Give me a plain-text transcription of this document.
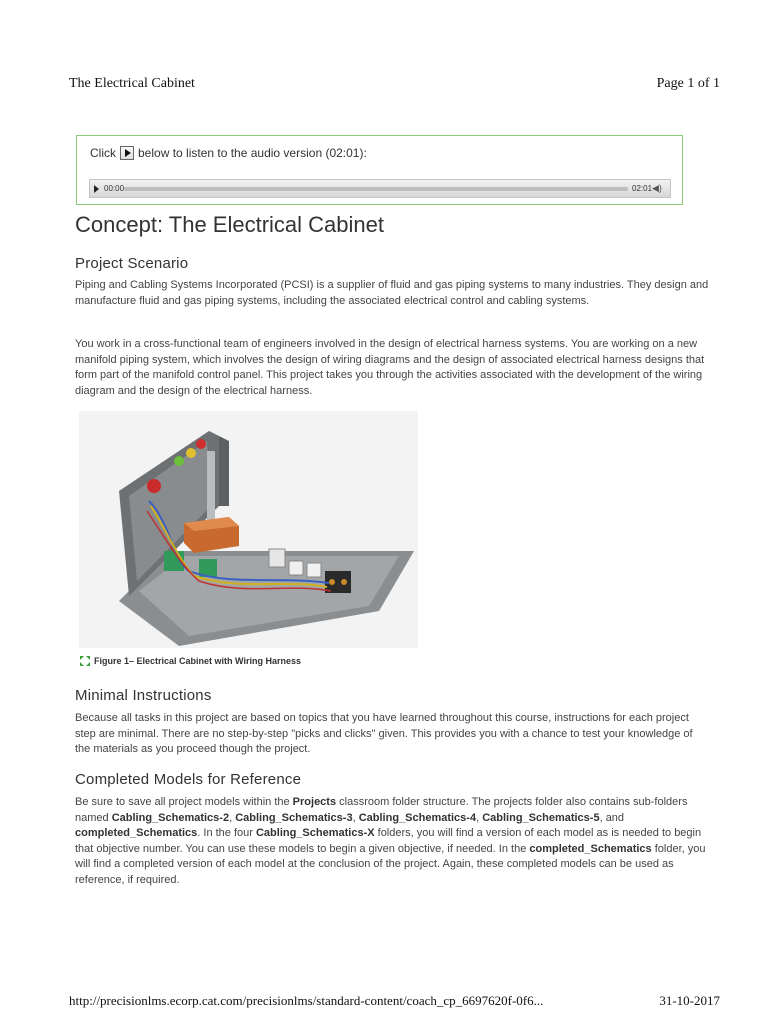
The Electrical Cabinet	Page 1 of 1
Click below to listen to the audio version (02:01):
00:00	02:01 ◀)
Concept: The Electrical Cabinet
Project Scenario

Piping and Cabling Systems Incorporated (PCSI) is a supplier of fluid and gas piping systems to many industries. They design and manufacture fluid and gas piping systems, including the associated electrical control and cabling systems.

You work in a cross-functional team of engineers involved in the design of electrical harness systems. You are working on a new manifold piping system, which involves the design of wiring diagrams and the design of associated electrical harness designs that form part of the manifold control panel. This project takes you through the activities associated with the development of the wiring diagram and the design of the electrical harness.

Figure 1 – Electrical Cabinet with Wiring Harness
Minimal Instructions

Because all tasks in this project are based on topics that you have learned throughout this course, instructions for each project step are minimal. There are no step-by-step "picks and clicks" given. This provides you with a chance to test your knowledge of the materials as you proceed though the project.

Completed Models for Reference

Be sure to save all project models within the Projects classroom folder structure. The projects folder also contains sub-folders named Cabling_Schematics-2, Cabling_Schematics-3, Cabling_Schematics-4, Cabling_Schematics-5, and completed_Schematics. In the four Cabling_Schematics-X folders, you will find a version of each model as is needed to begin that objective number. You can use these models to begin a given objective, if needed. In the completed_Schematics folder, you will find a completed version of each model at the conclusion of the project. Again, these completed models can be used as reference, if required.

http://precisionlms.ecorp.cat.com/precisionlms/standard-content/coach_cp_6697620f-0f6...	31-10-2017
